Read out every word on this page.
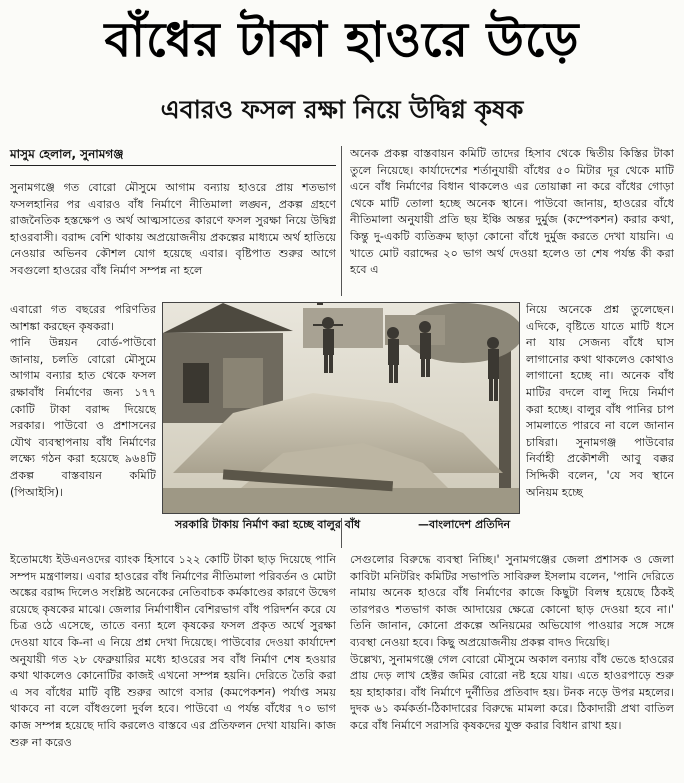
বাঁধের টাকা হাওরে উড়ে
এবারও ফসল রক্ষা নিয়ে উদ্বিগ্ন কৃষক
মাসুম হেলাল, সুনামগঞ্জ

সুনামগঞ্জে গত বোরো মৌসুমে আগাম বন্যায় হাওরে প্রায় শতভাগ ফসলহানির পর এবারও বাঁধ নির্মাণে নীতিমালা লঙ্ঘন, প্রকল্প গ্রহণে রাজনৈতিক হস্তক্ষেপ ও অর্থ আত্মসাতের কারণে ফসল সুরক্ষা নিয়ে উদ্বিগ্ন হাওরবাসী। বরাদ্দ বেশি থাকায় অপ্রয়োজনীয় প্রকল্পের মাধ্যমে অর্থ হাতিয়ে নেওয়ার অভিনব কৌশল যোগ হয়েছে এবার। বৃষ্টিপাত শুরুর আগে সবগুলো হাওরের বাঁধ নির্মাণ সম্পন্ন না হলে

এবারো গত বছরের পরিণতির আশঙ্কা করছেন কৃষকরা।

পানি উন্নয়ন বোর্ড-পাউবো জানায়, চলতি বোরো মৌসুমে আগাম বন্যার হাত থেকে ফসল রক্ষাবাঁধ নির্মাণের জন্য ১৭৭ কোটি টাকা বরাদ্দ দিয়েছে সরকার। পাউবো ও প্রশাসনের যৌথ ব্যবস্থাপনায় বাঁধ নির্মাণের লক্ষ্যে গঠন করা হয়েছে ৯৬৪টি প্রকল্প বাস্তবায়ন কমিটি (পিআইসি)।

অনেক প্রকল্প বাস্তবায়ন কমিটি তাদের হিসাব থেকে দ্বিতীয় কিস্তির টাকা তুলে নিয়েছে। কার্যাদেশের শর্তানুযায়ী বাঁধের ৫০ মিটার দূর থেকে মাটি এনে বাঁধ নির্মাণের বিধান থাকলেও এর তোয়াক্কা না করে বাঁধের গোড়া থেকে মাটি তোলা হচ্ছে অনেক স্থানে। পাউবো জানায়, হাওরের বাঁধে নীতিমালা অনুযায়ী প্রতি ছয় ইঞ্চি অন্তর দুর্মুজ (কম্পেকশন) করার কথা, কিন্তু দু-একটি ব্যতিক্রম ছাড়া কোনো বাঁধে দুর্মুজ করতে দেখা যায়নি। এ খাতে মোট বরাদ্দের ২০ ভাগ অর্থ দেওয়া হলেও তা শেষ পর্যন্ত কী করা হবে এ

নিয়ে অনেকে প্রশ্ন তুলেছেন। এদিকে, বৃষ্টিতে যাতে মাটি ধসে না যায় সেজন্য বাঁধে ঘাস লাগানোর কথা থাকলেও কোথাও লাগানো হচ্ছে না। অনেক বাঁধ মাটির বদলে বালু দিয়ে নির্মাণ করা হচ্ছে। বালুর বাঁধ পানির চাপ সামলাতে পারবে না বলে জানান চাষিরা। সুনামগঞ্জ পাউবোর নির্বাহী প্রকৌশলী আবু বক্কর সিদ্দিকী বলেন, 'যে সব স্থানে অনিয়ম হচ্ছে

সরকারি টাকায় নির্মাণ করা হচ্ছে বালুর বাঁধ	—বাংলাদেশ প্রতিদিন

ইতোমধ্যে ইউএনওদের ব্যাংক হিসাবে ১২২ কোটি টাকা ছাড় দিয়েছে পানি সম্পদ মন্ত্রণালয়। এবার হাওরের বাঁধ নির্মাণের নীতিমালা পরিবর্তন ও মোটা অঙ্কের বরাদ্দ দিলেও সংশ্লিষ্ট অনেকের নেতিবাচক কর্মকাণ্ডের কারণে উদ্বেগ রয়েছে কৃষকের মাঝে। জেলার নির্মাণাধীন বেশিরভাগ বাঁধ পরিদর্শন করে যে চিত্র ওঠে এসেছে, তাতে বন্যা হলে কৃষকের ফসল প্রকৃত অর্থে সুরক্ষা দেওয়া যাবে কি-না এ নিয়ে প্রশ্ন দেখা দিয়েছে। পাউবোর দেওয়া কার্যাদেশ অনুযায়ী গত ২৮ ফেব্রুয়ারির মধ্যে হাওরের সব বাঁধ নির্মাণ শেষ হওয়ার কথা থাকলেও কোনোটির কাজই এখনো সম্পন্ন হয়নি। দেরিতে তৈরি করা এ সব বাঁধের মাটি বৃষ্টি শুরুর আগে বসার (কমপেকশন) পর্যাপ্ত সময় থাকবে না বলে বাঁধগুলো দুর্বল হবে। পাউবো এ পর্যন্ত বাঁধের ৭০ ভাগ কাজ সম্পন্ন হয়েছে দাবি করলেও বাস্তবে এর প্রতিফলন দেখা যায়নি। কাজ শুরু না করেও

সেগুলোর বিরুদ্ধে ব্যবস্থা নিচ্ছি।' সুনামগঞ্জের জেলা প্রশাসক ও জেলা কাবিটা মনিটরিং কমিটির সভাপতি সাবিরুল ইসলাম বলেন, 'পানি দেরিতে নামায় অনেক হাওরে বাঁধ নির্মাণের কাজে কিছুটা বিলম্ব হয়েছে ঠিকই তারপরও শতভাগ কাজ আদায়ের ক্ষেত্রে কোনো ছাড় দেওয়া হবে না।' তিনি জানান, কোনো প্রকল্পে অনিয়মের অভিযোগ পাওয়ার সঙ্গে সঙ্গে ব্যবস্থা নেওয়া হবে। কিছু অপ্রয়োজনীয় প্রকল্প বাদও দিয়েছি।

উল্লেখ্য, সুনামগঞ্জে গেল বোরো মৌসুমে অকাল বন্যায় বাঁধ ভেঙে হাওরের প্রায় দেড় লাখ হেক্টর জমির বোরো নষ্ট হয়ে যায়। এতে হাওরপাড়ে শুরু হয় হাহাকার। বাঁধ নির্মাণে দুর্নীতির প্রতিবাদ হয়। টনক নড়ে উপর মহলের। দুদক ৬১ কর্মকর্তা-ঠিকাদারের বিরুদ্ধে মামলা করে। ঠিকাদারী প্রথা বাতিল করে বাঁধ নির্মাণে সরাসরি কৃষকদের যুক্ত করার বিধান রাখা হয়।
